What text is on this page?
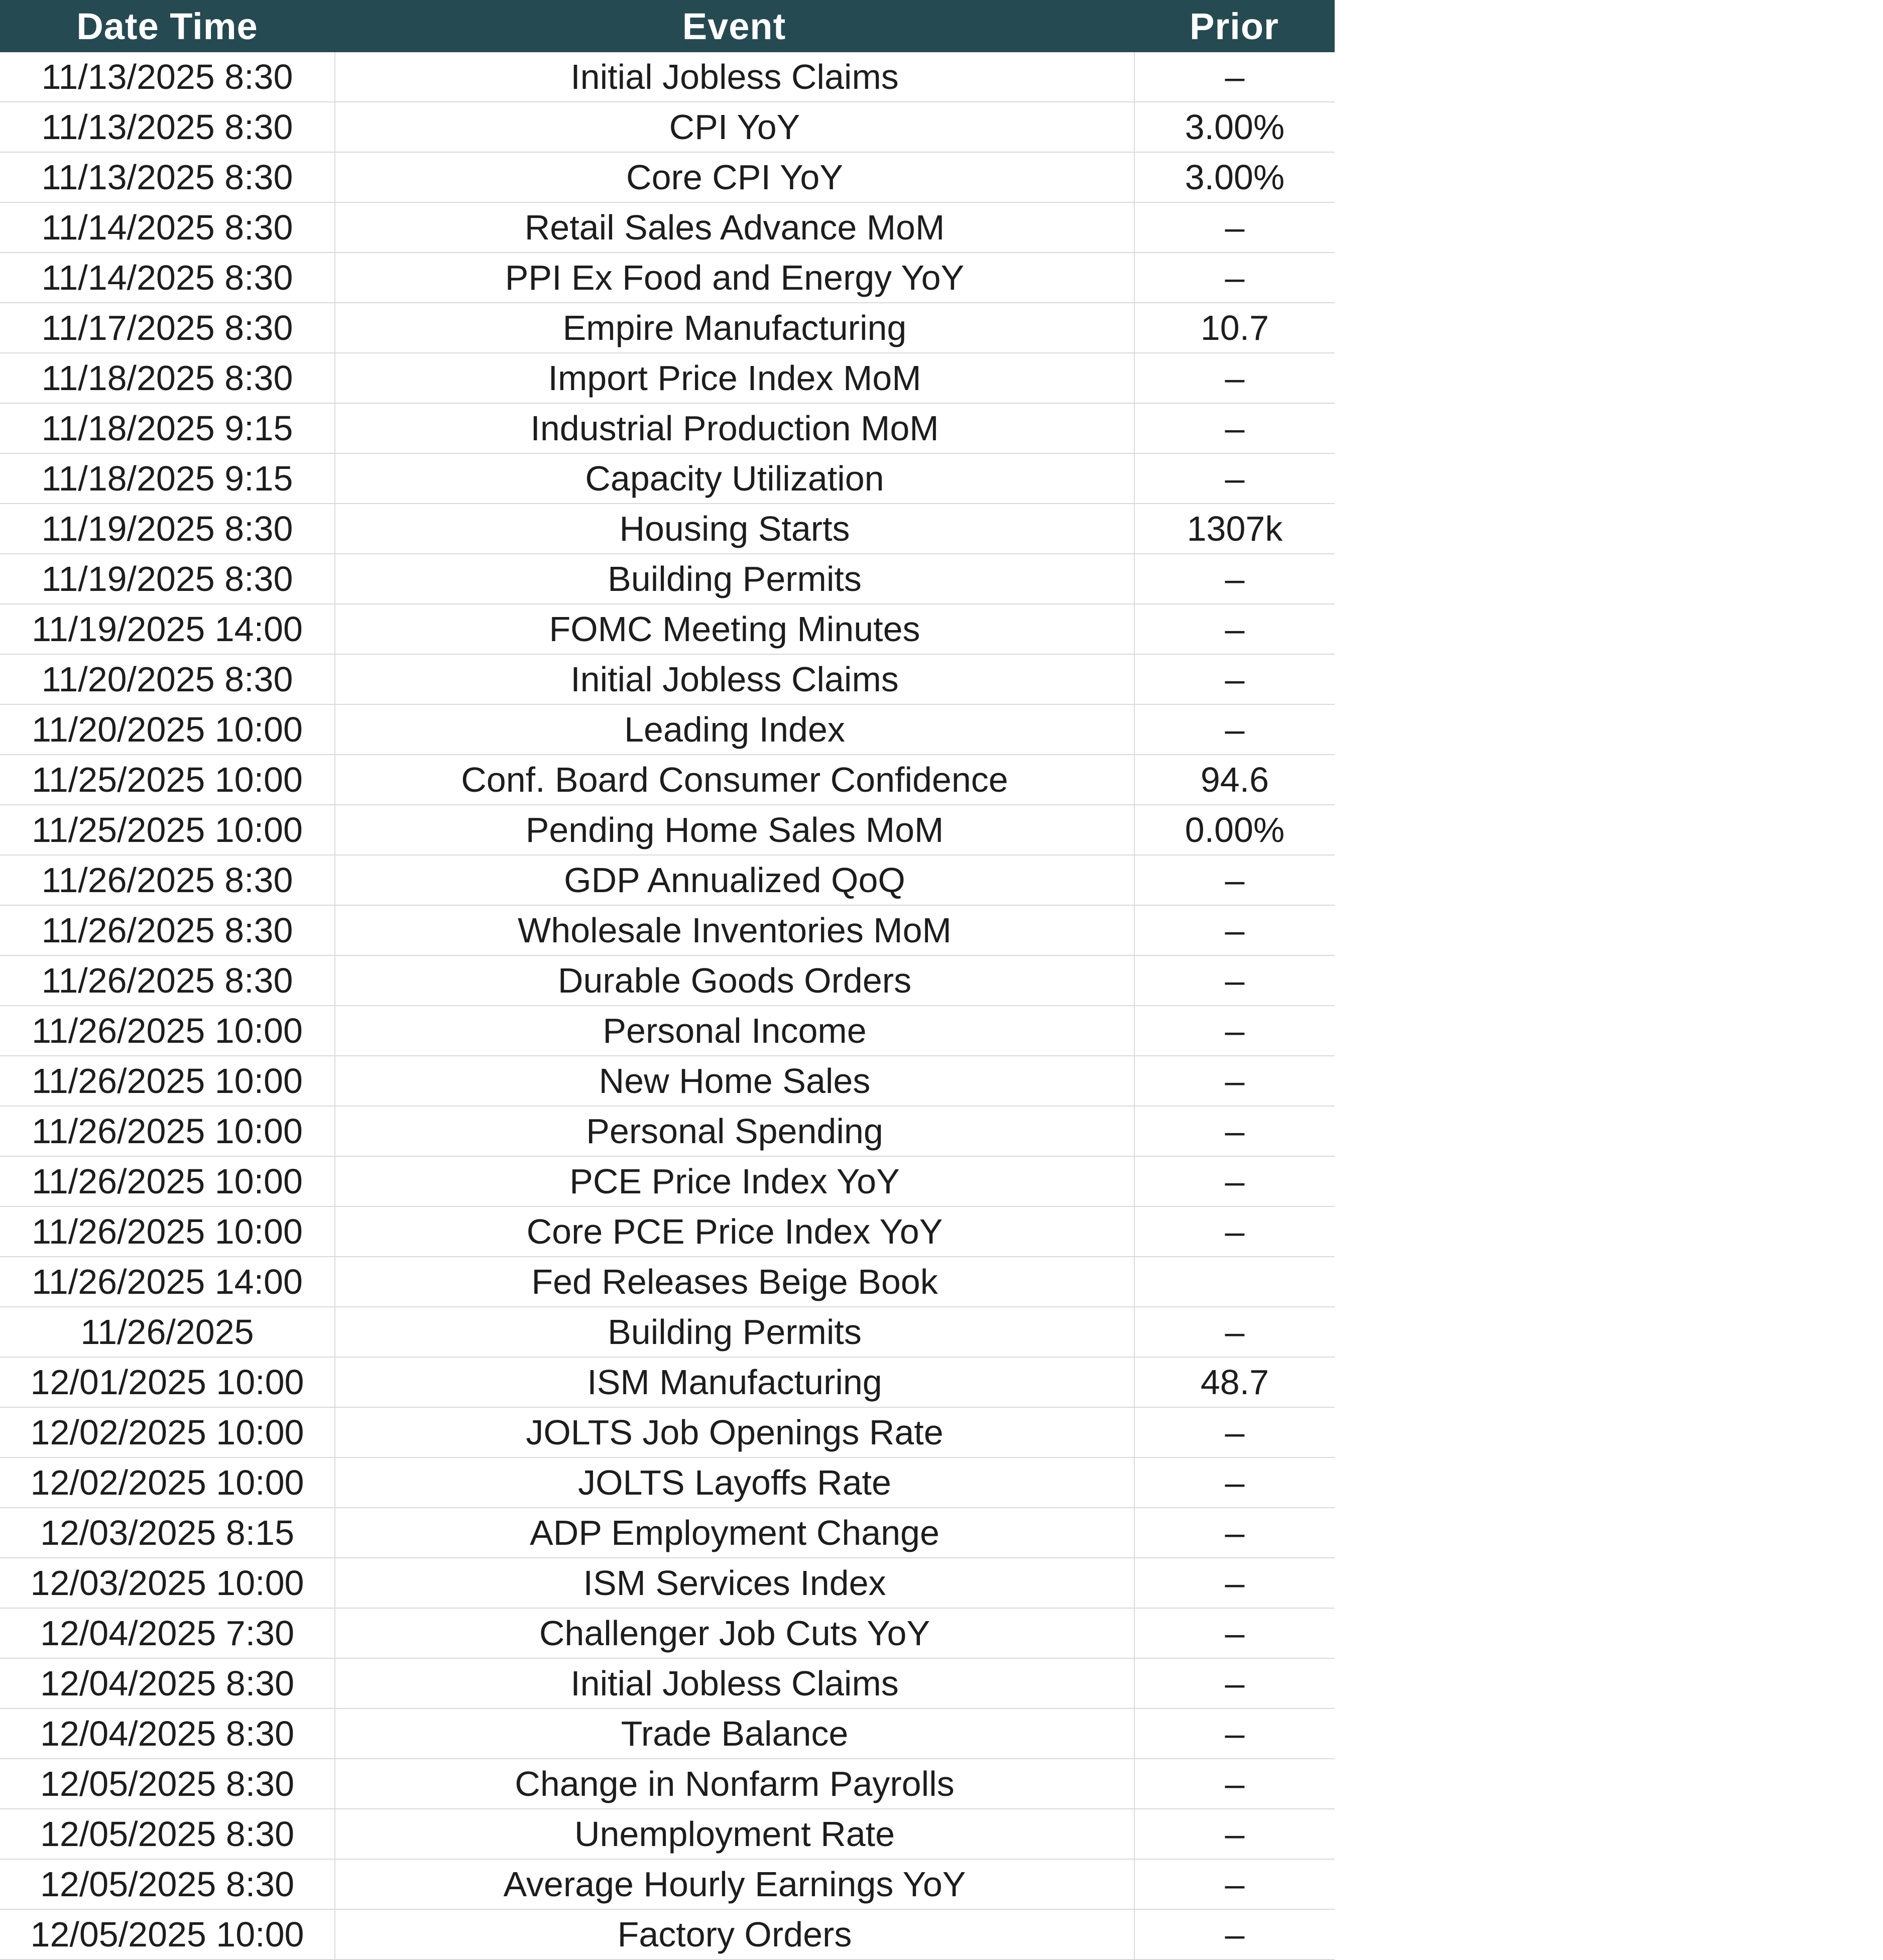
Date Time	Event	Prior
11/13/2025 8:30	Initial Jobless Claims	–
11/13/2025 8:30	CPI YoY	3.00%
11/13/2025 8:30	Core CPI YoY	3.00%
11/14/2025 8:30	Retail Sales Advance MoM	–
11/14/2025 8:30	PPI Ex Food and Energy YoY	–
11/17/2025 8:30	Empire Manufacturing	10.7
11/18/2025 8:30	Import Price Index MoM	–
11/18/2025 9:15	Industrial Production MoM	–
11/18/2025 9:15	Capacity Utilization	–
11/19/2025 8:30	Housing Starts	1307k
11/19/2025 8:30	Building Permits	–
11/19/2025 14:00	FOMC Meeting Minutes	–
11/20/2025 8:30	Initial Jobless Claims	–
11/20/2025 10:00	Leading Index	–
11/25/2025 10:00	Conf. Board Consumer Confidence	94.6
11/25/2025 10:00	Pending Home Sales MoM	0.00%
11/26/2025 8:30	GDP Annualized QoQ	–
11/26/2025 8:30	Wholesale Inventories MoM	–
11/26/2025 8:30	Durable Goods Orders	–
11/26/2025 10:00	Personal Income	–
11/26/2025 10:00	New Home Sales	–
11/26/2025 10:00	Personal Spending	–
11/26/2025 10:00	PCE Price Index YoY	–
11/26/2025 10:00	Core PCE Price Index YoY	–
11/26/2025 14:00	Fed Releases Beige Book
11/26/2025	Building Permits	–
12/01/2025 10:00	ISM Manufacturing	48.7
12/02/2025 10:00	JOLTS Job Openings Rate	–
12/02/2025 10:00	JOLTS Layoffs Rate	–
12/03/2025 8:15	ADP Employment Change	–
12/03/2025 10:00	ISM Services Index	–
12/04/2025 7:30	Challenger Job Cuts YoY	–
12/04/2025 8:30	Initial Jobless Claims	–
12/04/2025 8:30	Trade Balance	–
12/05/2025 8:30	Change in Nonfarm Payrolls	–
12/05/2025 8:30	Unemployment Rate	–
12/05/2025 8:30	Average Hourly Earnings YoY	–
12/05/2025 10:00	Factory Orders	–
